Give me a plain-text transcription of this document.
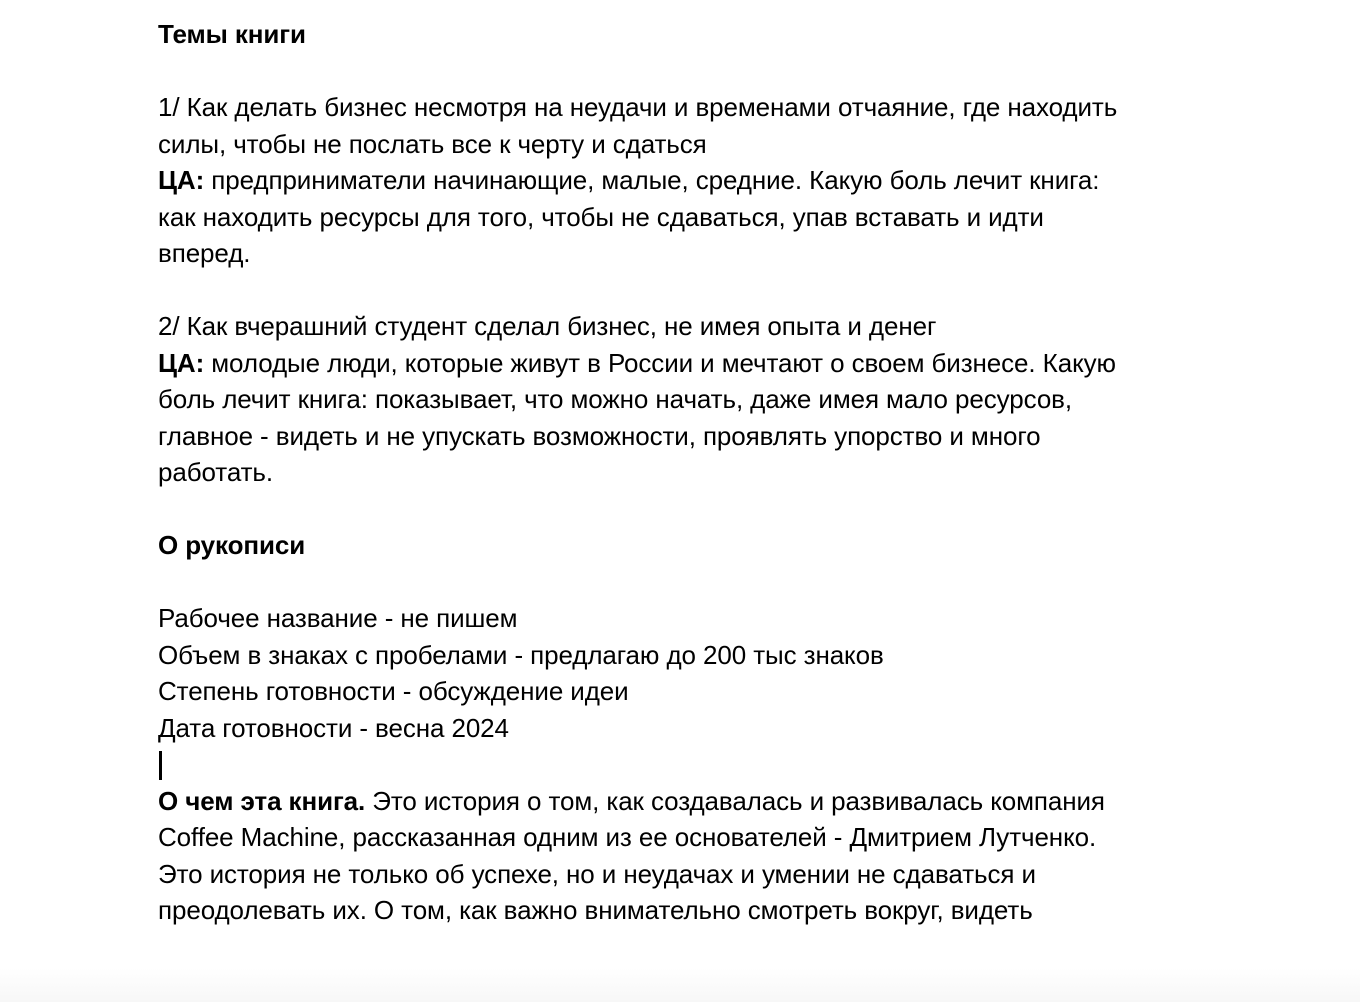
Темы книги
1/ Как делать бизнес несмотря на неудачи и временами отчаяние, где находить
силы, чтобы не послать все к черту и сдаться
ЦА: предприниматели начинающие, малые, средние. Какую боль лечит книга:
как находить ресурсы для того, чтобы не сдаваться, упав вставать и идти
вперед.
2/ Как вчерашний студент сделал бизнес, не имея опыта и денег
ЦА: молодые люди, которые живут в России и мечтают о своем бизнесе. Какую
боль лечит книга: показывает, что можно начать, даже имея мало ресурсов,
главное - видеть и не упускать возможности, проявлять упорство и много
работать.
О рукописи
Рабочее название - не пишем
Объем в знаках с пробелами - предлагаю до 200 тыс знаков
Степень готовности - обсуждение идеи
Дата готовности - весна 2024
О чем эта книга. Это история о том, как создавалась и развивалась компания
Coffee Machine, рассказанная одним из ее основателей - Дмитрием Лутченко.
Это история не только об успехе, но и неудачах и умении не сдаваться и
преодолевать их. О том, как важно внимательно смотреть вокруг, видеть
